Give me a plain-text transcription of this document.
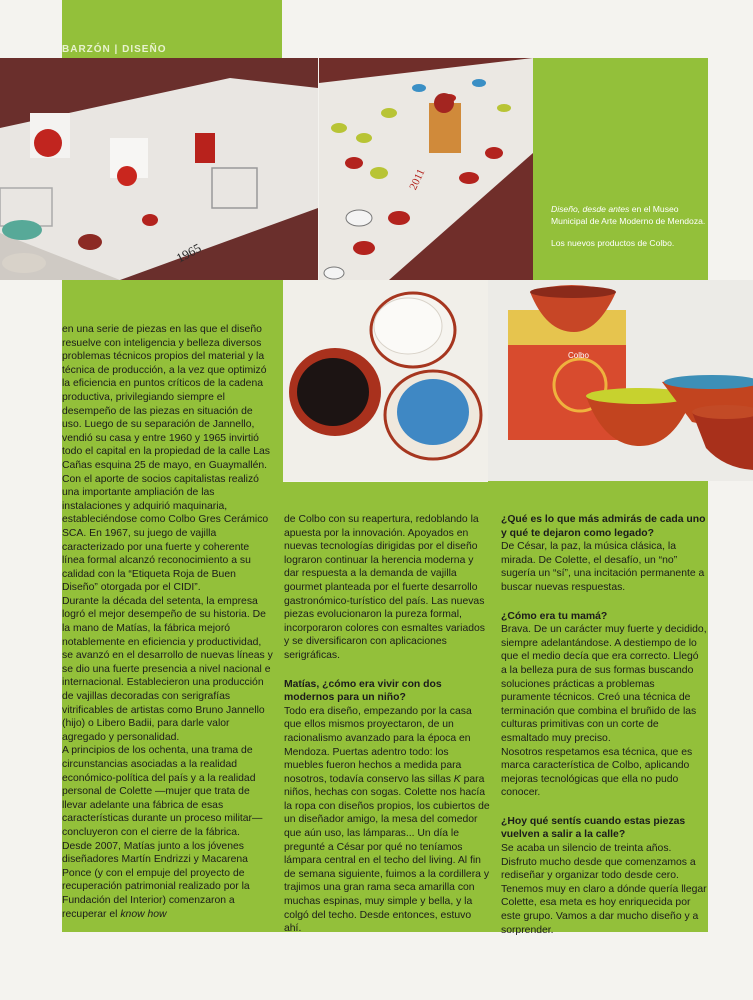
BARZÓN | DISEÑO
1965
2011
Diseño, desde antes en el Museo Municipal de Arte Moderno de Mendoza.
Los nuevos productos de Colbo.
Colbo

en una serie de piezas en las que el diseño resuelve con inteligencia y belleza diversos problemas técnicos propios del material y la técnica de producción, a la vez que optimizó la eficiencia en puntos críticos de la cadena productiva, privilegiando siempre el desempeño de las piezas en situación de uso. Luego de su separación de Jannello, vendió su casa y entre 1960 y 1965 invirtió todo el capital en la propiedad de la calle Las Cañas esquina 25 de mayo, en Guaymallén. Con el aporte de socios capitalistas realizó una importante ampliación de las instalaciones y adquirió maquinaria, estableciéndose como Colbo Gres Cerámico SCA. En 1967, su juego de vajilla caracterizado por una fuerte y coherente línea formal alcanzó reconocimiento a su calidad con la “Etiqueta Roja de Buen Diseño” otorgada por el CIDI”.

Durante la década del setenta, la empresa logró el mejor desempeño de su historia. De la mano de Matías, la fábrica mejoró notablemente en eficiencia y productividad, se avanzó en el desarrollo de nuevas líneas y se dio una fuerte presencia a nivel nacional e internacional. Establecieron una producción de vajillas decoradas con serigrafías vitrificables de artistas como Bruno Jannello (hijo) o Libero Badii, para darle valor agregado y personalidad.

A principios de los ochenta, una trama de circunstancias asociadas a la realidad económico-política del país y a la realidad personal de Colette —mujer que trata de llevar adelante una fábrica de esas características durante un proceso militar— concluyeron con el cierre de la fábrica.

Desde 2007, Matías junto a los jóvenes diseñadores Martín Endrizzi y Macarena Ponce (y con el empuje del proyecto de recuperación patrimonial realizado por la Fundación del Interior) comenzaron a recuperar el know how

de Colbo con su reapertura, redoblando la apuesta por la innovación. Apoyados en nuevas tecnologías dirigidas por el diseño lograron continuar la herencia moderna y dar respuesta a la demanda de vajilla gourmet planteada por el fuerte desarrollo gastronómico-turístico del país. Las nuevas piezas evolucionaron la pureza formal, incorporaron colores con esmaltes variados y se diversificaron con aplicaciones serigráficas.

Matías, ¿cómo era vivir con dos modernos para un niño?

Todo era diseño, empezando por la casa que ellos mismos proyectaron, de un racionalismo avanzado para la época en Mendoza. Puertas adentro todo: los muebles fueron hechos a medida para nosotros, todavía conservo las sillas K para niños, hechas con sogas. Colette nos hacía la ropa con diseños propios, los cubiertos de un diseñador amigo, la mesa del comedor que aún uso, las lámparas... Un día le pregunté a César por qué no teníamos lámpara central en el techo del living. Al fin de semana siguiente, fuimos a la cordillera y trajimos una gran rama seca amarilla con muchas espinas, muy simple y bella, y la colgó del techo. Desde entonces, estuvo ahí.

¿Qué es lo que más admirás de cada uno y qué te dejaron como legado?

De César, la paz, la música clásica, la mirada. De Colette, el desafío, un “no” sugería un “sí”, una incitación permanente a buscar nuevas respuestas.

¿Cómo era tu mamá?

Brava. De un carácter muy fuerte y decidido, siempre adelantándose. A destiempo de lo que el medio decía que era correcto. Llegó a la belleza pura de sus formas buscando soluciones prácticas a problemas puramente técnicos. Creó una técnica de terminación que combina el bruñido de las culturas primitivas con un corte de esmaltado muy preciso.

Nosotros respetamos esa técnica, que es marca característica de Colbo, aplicando mejoras tecnológicas que ella no pudo conocer.

¿Hoy qué sentís cuando estas piezas vuelven a salir a la calle?

Se acaba un silencio de treinta años. Disfruto mucho desde que comenzamos a rediseñar y organizar todo desde cero. Tenemos muy en claro a dónde quería llegar Colette, esa meta es hoy enriquecida por este grupo. Vamos a dar mucho diseño y a sorprender.
